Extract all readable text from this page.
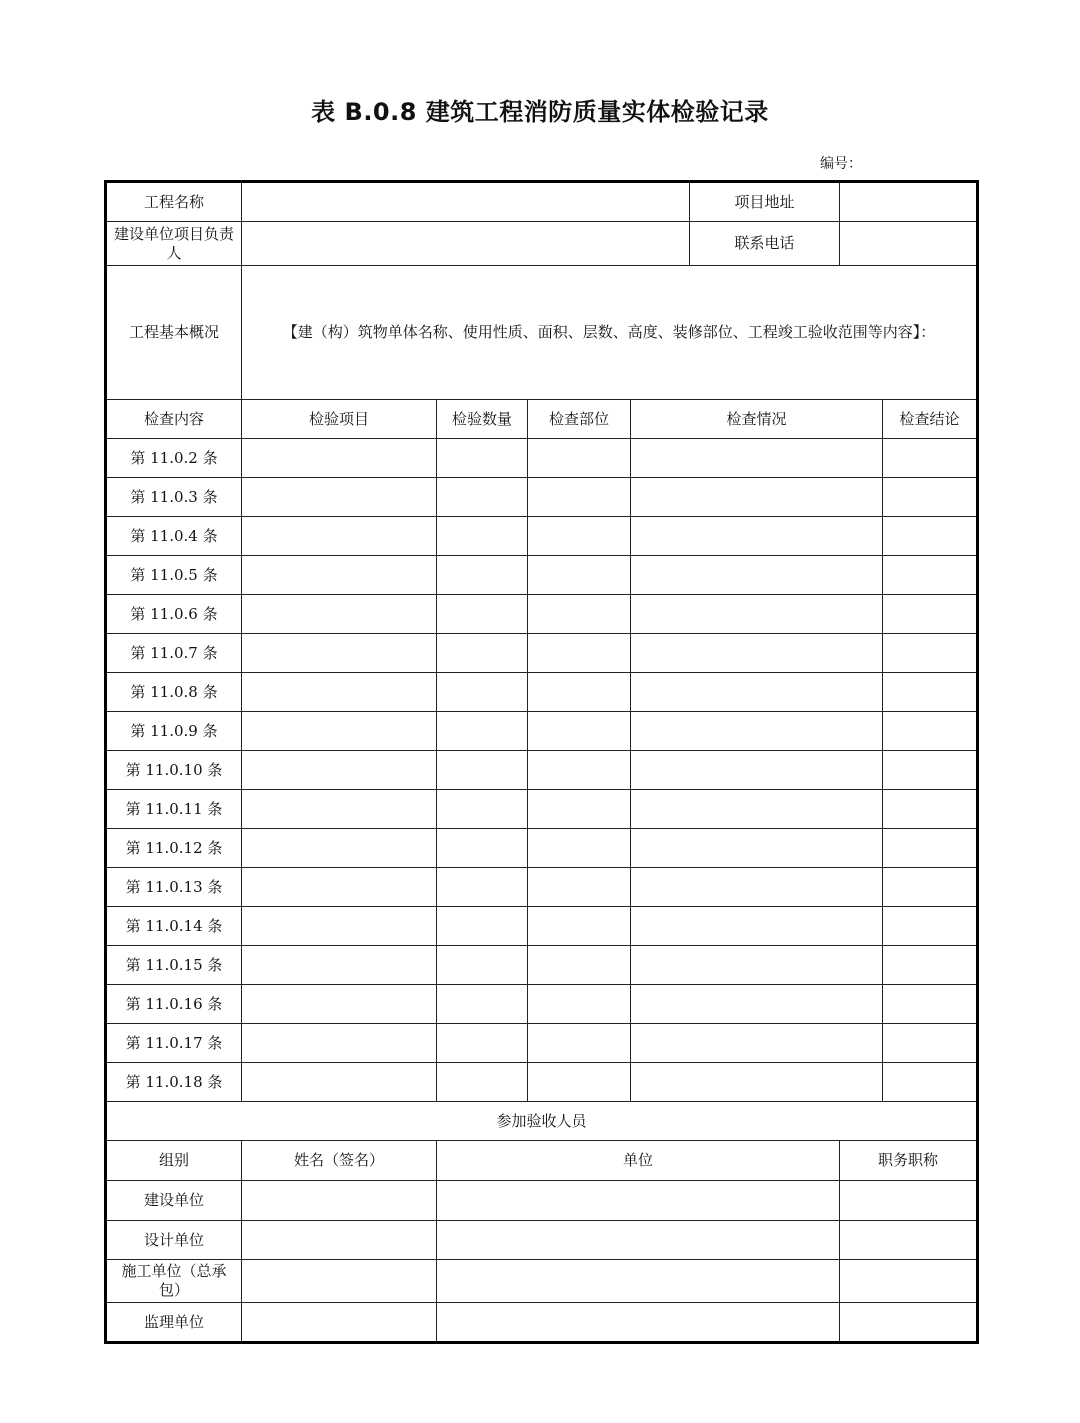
表 B.0.8 建筑工程消防质量实体检验记录
编号：
工程名称					项目地址		
建设单位项目负责人					联系电话		
工程基本概况	【建（构）筑物单体名称、使用性质、面积、层数、高度、装修部位、工程竣工验收范围等内容】：						
检查内容	检验项目	检验数量	检查部位	检查情况			检查结论
第 11.0.2 条							
第 11.0.3 条							
第 11.0.4 条							
第 11.0.5 条							
第 11.0.6 条							
第 11.0.7 条							
第 11.0.8 条							
第 11.0.9 条							
第 11.0.10 条							
第 11.0.11 条							
第 11.0.12 条							
第 11.0.13 条							
第 11.0.14 条							
第 11.0.15 条							
第 11.0.16 条							
第 11.0.17 条							
第 11.0.18 条							
参加验收人员							
组别	姓名（签名）	单位				职务职称	
建设单位							
设计单位							
施工单位（总承包）							
监理单位							
